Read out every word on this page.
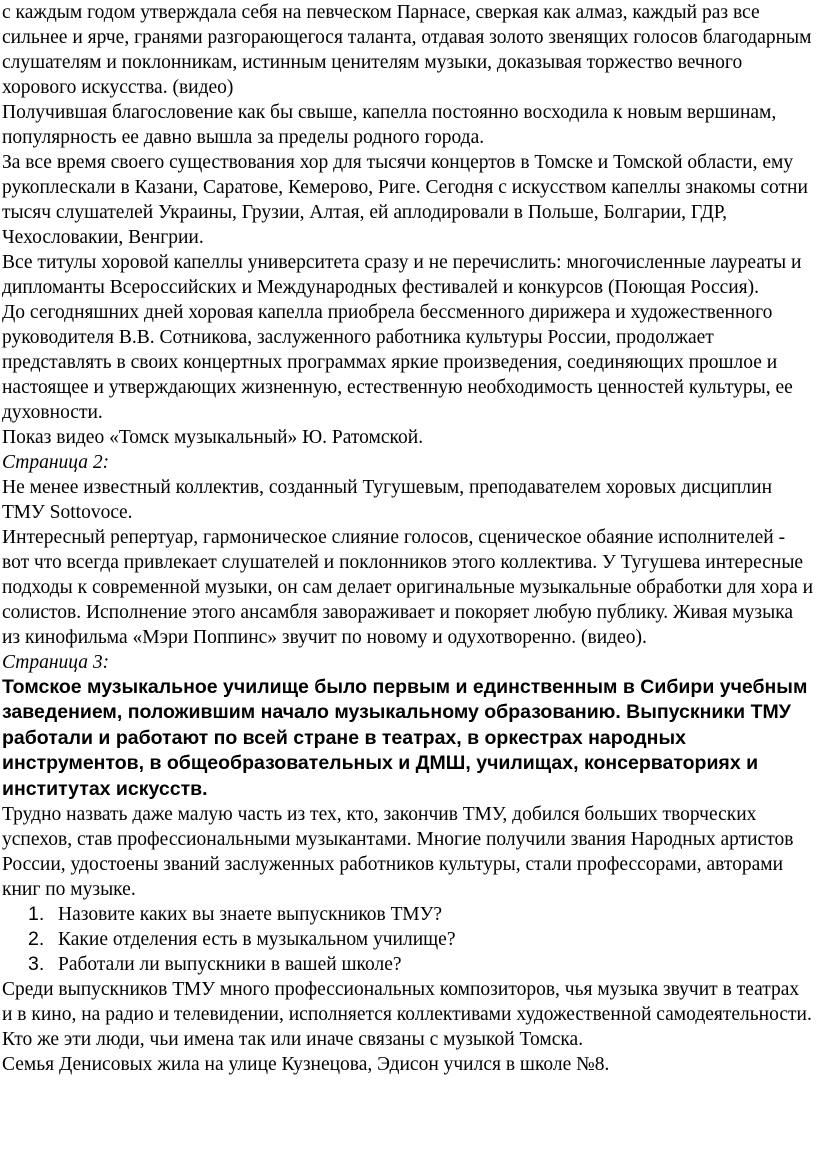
с каждым годом утверждала себя на певческом Парнасе, сверкая как алмаз, каждый раз все сильнее и ярче, гранями разгорающегося таланта, отдавая золото звенящих голосов благодарным слушателям и поклонникам, истинным ценителям музыки, доказывая торжество вечного хорового искусства. (видео)

Получившая благословение как бы свыше, капелла постоянно восходила к новым вершинам, популярность ее давно вышла за пределы родного города.

За все время своего существования хор для тысячи концертов в Томске и Томской области, ему рукоплескали в Казани, Саратове, Кемерово, Риге. Сегодня с искусством капеллы знакомы сотни тысяч слушателей Украины, Грузии, Алтая, ей аплодировали в Польше, Болгарии, ГДР, Чехословакии, Венгрии.

Все титулы хоровой капеллы университета сразу и не перечислить: многочисленные лауреаты и дипломанты Всероссийских и Международных фестивалей и конкурсов (Поющая Россия).

До сегодняшних дней хоровая капелла приобрела бессменного дирижера и художественного руководителя В.В. Сотникова, заслуженного работника культуры России, продолжает представлять в своих концертных программах яркие произведения, соединяющих прошлое и настоящее и утверждающих жизненную, естественную необходимость ценностей культуры, ее духовности.

Показ видео «Томск музыкальный» Ю. Ратомской.

Страница 2:

Не менее известный коллектив, созданный Тугушевым, преподавателем хоровых дисциплин ТМУ Sottovoce.

Интересный репертуар, гармоническое слияние голосов, сценическое обаяние исполнителей - вот что всегда привлекает слушателей и поклонников этого коллектива. У Тугушева интересные подходы к современной музыки, он сам делает оригинальные музыкальные обработки для хора и солистов. Исполнение этого ансамбля завораживает и покоряет любую публику. Живая музыка из кинофильма «Мэри Поппинс» звучит по новому и одухотворенно. (видео).

Страница 3:

Томское музыкальное училище было первым и единственным в Сибири учебным заведением, положившим начало музыкальному образованию. Выпускники ТМУ работали и работают по всей стране в театрах, в оркестрах народных инструментов, в общеобразовательных и ДМШ, училищах, консерваториях и институтах искусств.

Трудно назвать даже малую часть из тех, кто, закончив ТМУ, добился больших творческих успехов, став профессиональными музыкантами. Многие получили звания Народных артистов России, удостоены званий заслуженных работников культуры, стали профессорами, авторами книг по музыке.

1. Назовите каких вы знаете выпускников ТМУ?
2. Какие отделения есть в музыкальном училище?
3. Работали ли выпускники в вашей школе?

Среди выпускников ТМУ много профессиональных композиторов, чья музыка звучит в театрах и в кино, на радио и телевидении, исполняется коллективами художественной самодеятельности. Кто же эти люди, чьи имена так или иначе связаны с музыкой Томска.

Семья Денисовых жила на улице Кузнецова, Эдисон учился в школе №8.
